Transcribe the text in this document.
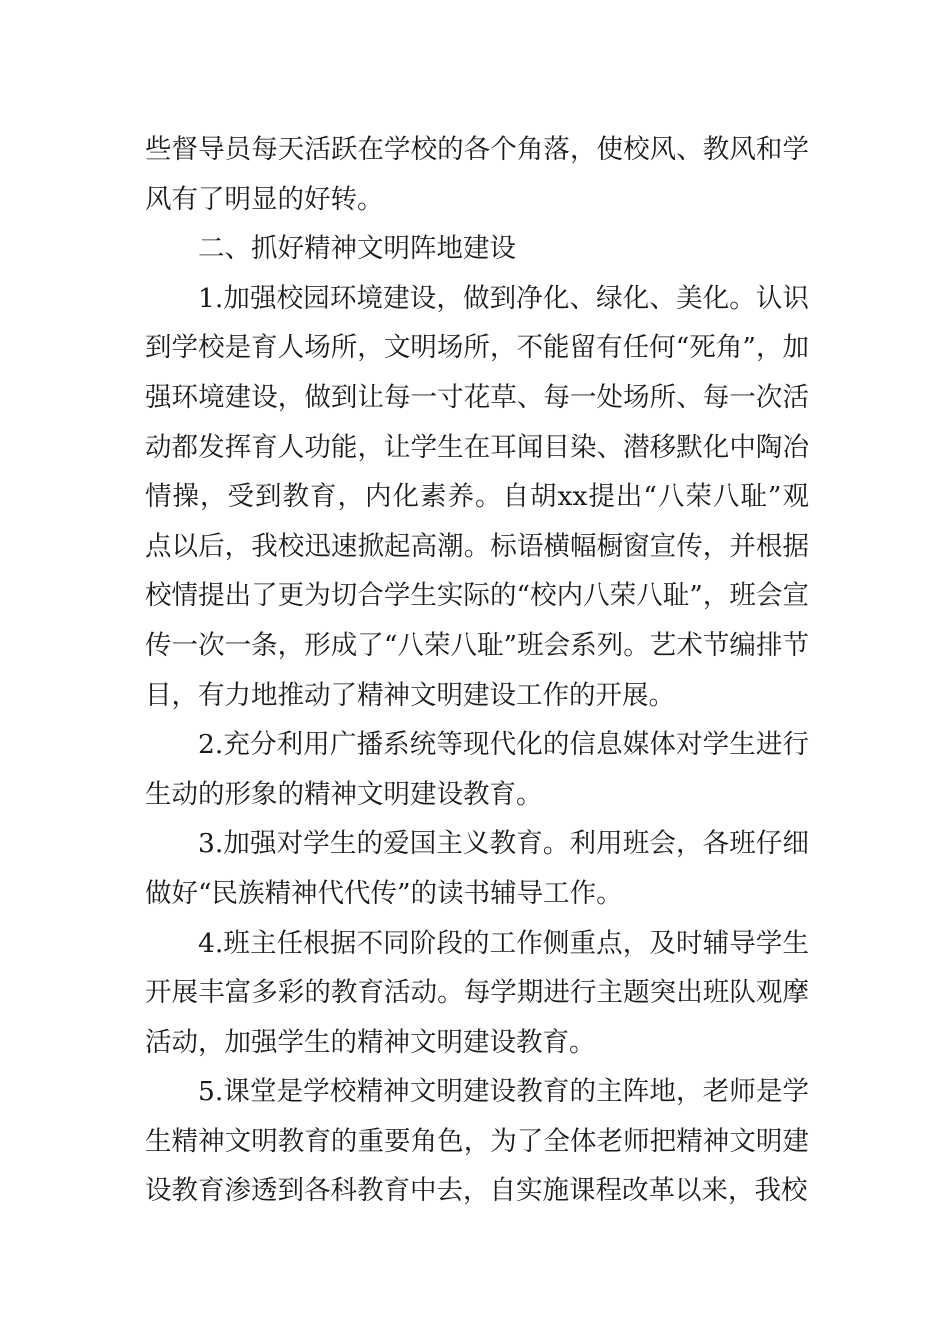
些督导员每天活跃在学校的各个角落，使校风、教风和学风有了明显的好转。

二、抓好精神文明阵地建设

1.加强校园环境建设，做到净化、绿化、美化。认识到学校是育人场所，文明场所，不能留有任何“死角”，加强环境建设，做到让每一寸花草、每一处场所、每一次活动都发挥育人功能，让学生在耳闻目染、潜移默化中陶冶情操，受到教育，内化素养。自胡xx提出“八荣八耻”观点以后，我校迅速掀起高潮。标语横幅橱窗宣传，并根据校情提出了更为切合学生实际的“校内八荣八耻”，班会宣传一次一条，形成了“八荣八耻”班会系列。艺术节编排节目，有力地推动了精神文明建设工作的开展。

2.充分利用广播系统等现代化的信息媒体对学生进行生动的形象的精神文明建设教育。

3.加强对学生的爱国主义教育。利用班会，各班仔细做好“民族精神代代传”的读书辅导工作。

4.班主任根据不同阶段的工作侧重点，及时辅导学生开展丰富多彩的教育活动。每学期进行主题突出班队观摩活动，加强学生的精神文明建设教育。

5.课堂是学校精神文明建设教育的主阵地，老师是学生精神文明教育的重要角色，为了全体老师把精神文明建设教育渗透到各科教育中去，自实施课程改革以来，我校
